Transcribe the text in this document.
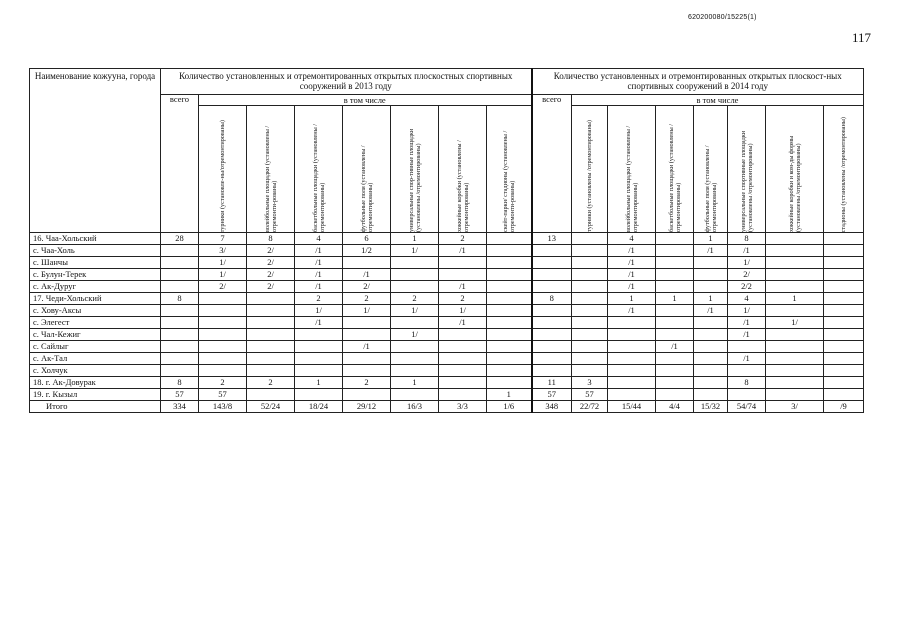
620200080/15225(1)
117
Наименование кожууна, города	Количество установленных и отремонтированных открытых плоскостных спортивных сооружений в 2013 году								Количество установленных и отремонтированных открытых плоскост-ных спортивных сооружений в 2014 году							
	всего	в том числе							всего	в том числе						

		турники (установле-ны/отремонтированы)	волейбольные площадки (установлены /отремонти-рованы)	баскетбольные площадки (установлены /отремонтированы)	футбольные поля (установлены /отремонтированы)	универсальные спор-тивные площадки (установлены /отремонтированы)	хоккейные коробки (установлены /отремонтированы)	скейт-парки/ стадионы (установлены /отремонти-рованы)		турники (установлены /отремонтированы)	волейбольные площадки (установлены /отремонтированы)	баскетбольные площадки (установлены /отремонтированы)	футбольные поля (установлены /отремонтированы)	универсальные спортивные площадки (установлены /отремонтированы)	хоккейные коробки и ком-ды формы (установлены /отремонтированы)	стадионы (установлены /отремонтированы)

16. Чаа-Хольский	28	7	8	4	6	1	2		13		4		1	8		
с. Чаа-Холь		3/	2/	/1	1/2	1/	/1				/1		/1	/1		
с. Шанчы		1/	2/	/1							/1			1/		
с. Булун-Терек		1/	2/	/1	/1						/1			2/		
с. Ак-Дуруг		2/	2/	/1	2/		/1				/1			2/2		
17. Чеди-Хольский	8			2	2	2	2		8		1	1	1	4	1	
с. Хову-Аксы				1/	1/	1/	1/				/1		/1	1/		
с. Элегест				/1			/1							/1	1/	
с. Чал-Кежиг						1/								/1		
с. Сайлыг					/1							/1				
с. Ак-Тал														/1		
с. Холчук																
18. г. Ак-Довурак	8	2	2	1	2	1			11	3				8		
19. г. Кызыл	57	57						1	57	57						
Итого	334	143/8	52/24	18/24	29/12	16/3	3/3	1/6	348	22/72	15/44	4/4	15/32	54/74	3/	/9
